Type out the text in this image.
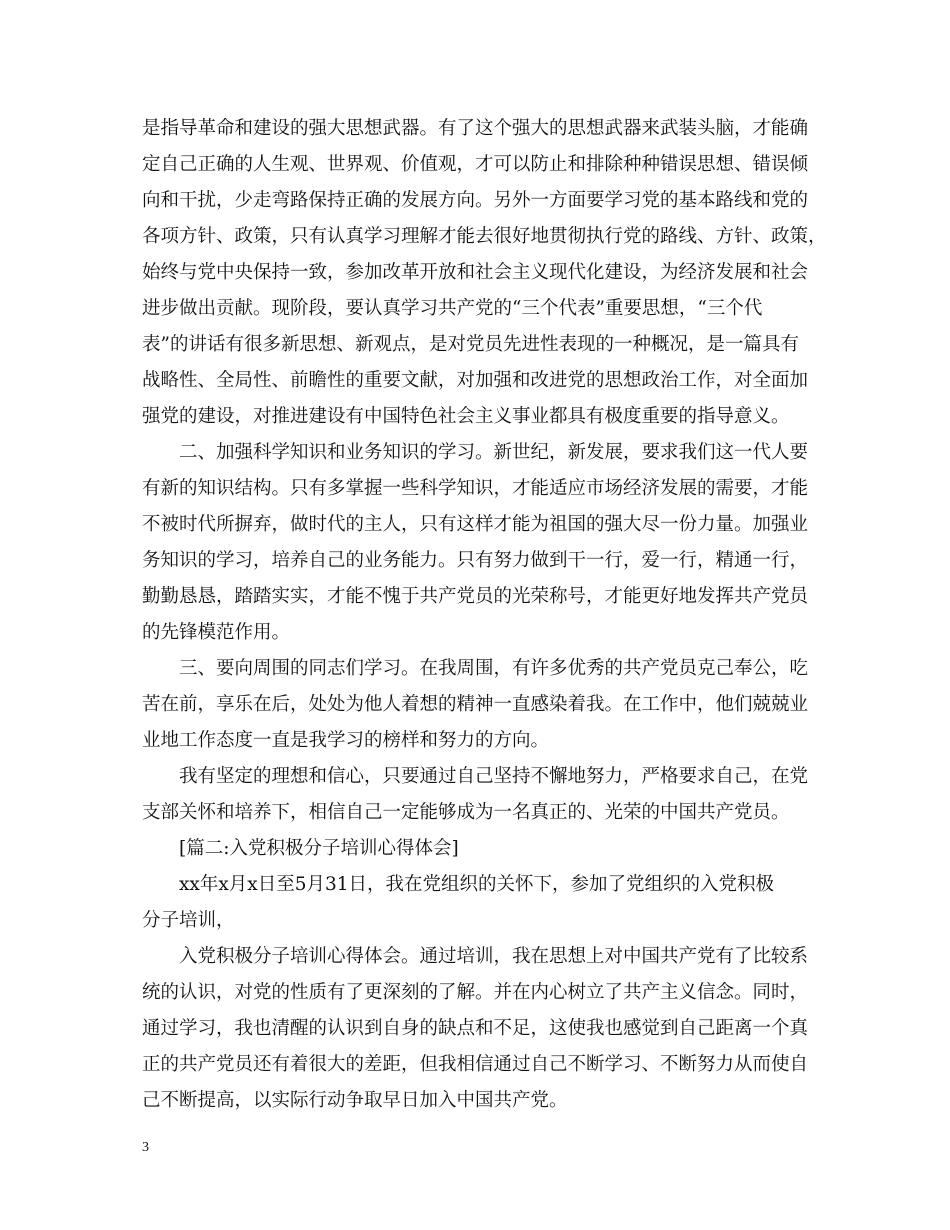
是指导革命和建设的强大思想武器。有了这个强大的思想武器来武装头脑，才能确
定自己正确的人生观、世界观、价值观，才可以防止和排除种种错误思想、错误倾
向和干扰，少走弯路保持正确的发展方向。另外一方面要学习党的基本路线和党的
各项方针、政策，只有认真学习理解才能去很好地贯彻执行党的路线、方针、政策，
始终与党中央保持一致，参加改革开放和社会主义现代化建设，为经济发展和社会
进步做出贡献。现阶段，要认真学习共产党的“三个代表”重要思想，“三个代
表”的讲话有很多新思想、新观点，是对党员先进性表现的一种概况，是一篇具有
战略性、全局性、前瞻性的重要文献，对加强和改进党的思想政治工作，对全面加
强党的建设，对推进建设有中国特色社会主义事业都具有极度重要的指导意义。
二、加强科学知识和业务知识的学习。新世纪，新发展，要求我们这一代人要
有新的知识结构。只有多掌握一些科学知识，才能适应市场经济发展的需要，才能
不被时代所摒弃，做时代的主人，只有这样才能为祖国的强大尽一份力量。加强业
务知识的学习，培养自己的业务能力。只有努力做到干一行，爱一行，精通一行，
勤勤恳恳，踏踏实实，才能不愧于共产党员的光荣称号，才能更好地发挥共产党员
的先锋模范作用。
三、要向周围的同志们学习。在我周围，有许多优秀的共产党员克己奉公，吃
苦在前，享乐在后，处处为他人着想的精神一直感染着我。在工作中，他们兢兢业
业地工作态度一直是我学习的榜样和努力的方向。
我有坚定的理想和信心，只要通过自己坚持不懈地努力，严格要求自己，在党
支部关怀和培养下，相信自己一定能够成为一名真正的、光荣的中国共产党员。
[篇二:入党积极分子培训心得体会]
xx年x月x日至5月31日，我在党组织的关怀下，参加了党组织的入党积极
分子培训，
入党积极分子培训心得体会。通过培训，我在思想上对中国共产党有了比较系
统的认识，对党的性质有了更深刻的了解。并在内心树立了共产主义信念。同时，
通过学习，我也清醒的认识到自身的缺点和不足，这使我也感觉到自己距离一个真
正的共产党员还有着很大的差距，但我相信通过自己不断学习、不断努力从而使自
己不断提高，以实际行动争取早日加入中国共产党。
3
